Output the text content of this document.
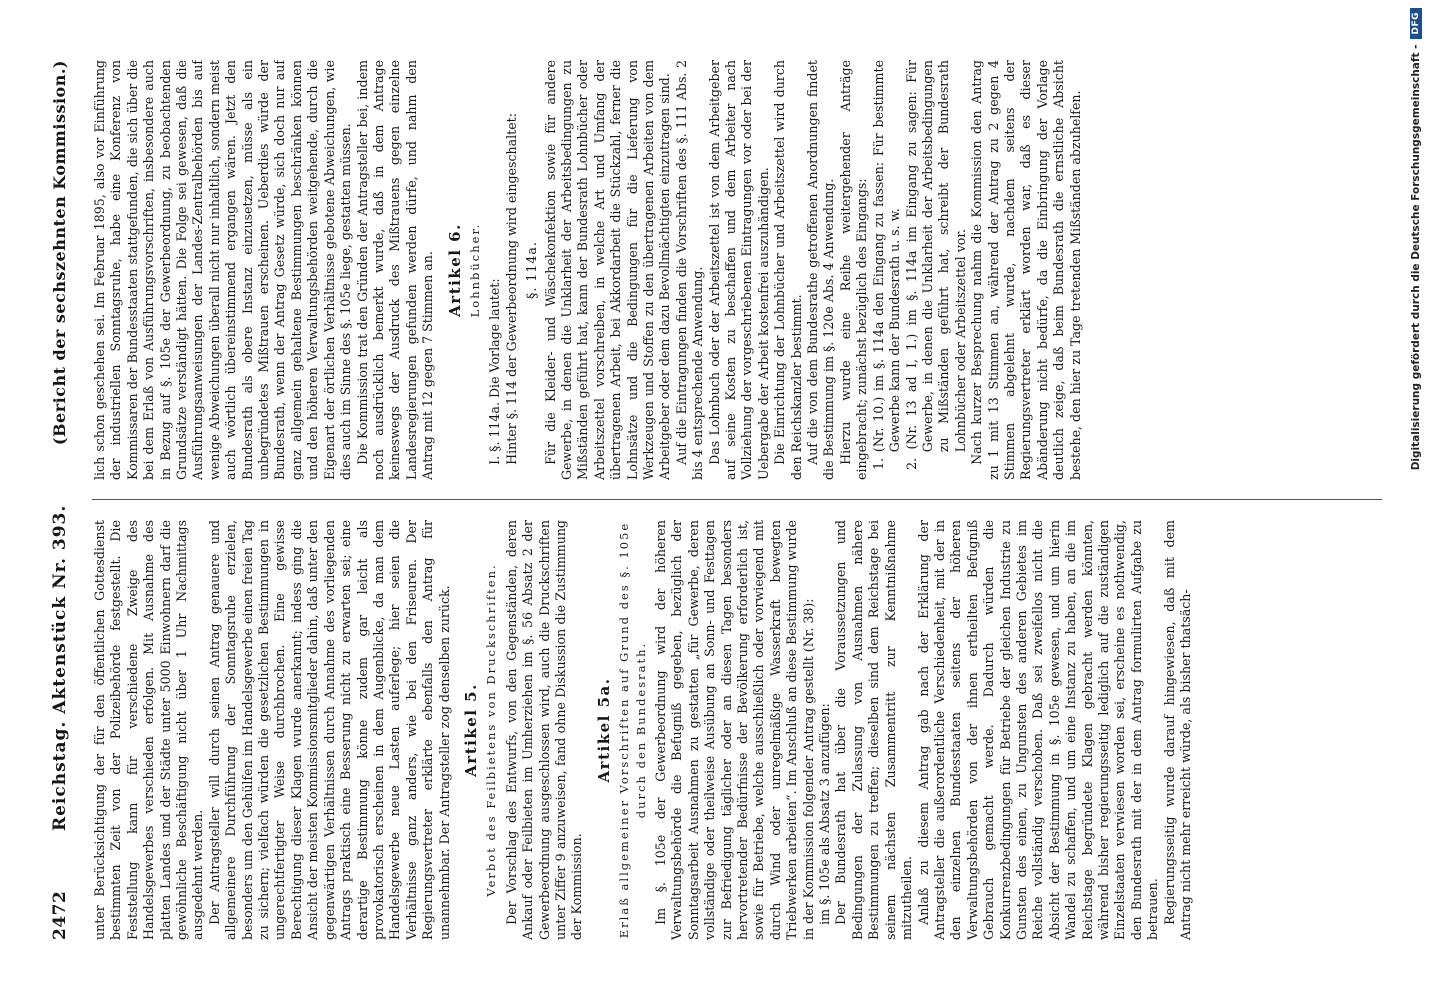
2472
Reichstag. Aktenstück Nr. 393.
(Bericht der sechszehnten Kommission.)

unter Berücksichtigung der für den öffentlichen Gottesdienst bestimmten Zeit von der Polizeibehörde festgestellt. Die Feststellung kann für verschiedene Zweige des Handelsgewerbes verschieden erfolgen. Mit Ausnahme des platten Landes und der Städte unter 5000 Einwohnern darf die gewöhnliche Beschäftigung nicht über 1 Uhr Nachmittags ausgedehnt werden. Der Antragsteller will durch seinen Antrag genauere und allgemeinere Durchführung der Sonntagsruhe erzielen, besonders um den Gehülfen im Handelsgewerbe einen freien Tag zu sichern; vielfach würden die gesetzlichen Bestimmungen in ungerechtfertigter Weise durchbrochen. Eine gewisse Berechtigung dieser Klagen wurde anerkannt; indess ging die Ansicht der meisten Kommissionsmitglieder dahin, daß unter den gegenwärtigen Verhältnissen durch Annahme des vorliegenden Antrags praktisch eine Besserung nicht zu erwarten sei; eine derartige Bestimmung könne zudem gar leicht als provokatorisch erscheinen in dem Augenblicke, da man dem Handelsgewerbe neue Lasten auferlege; hier seien die Verhältnisse ganz anders, wie bei den Friseuren. Der Regierungsvertreter erklärte ebenfalls den Antrag für unannehmbar. Der Antragsteller zog denselben zurück. Artikel 5. Verbot des Feilbietens von Druckschriften. Der Vorschlag des Entwurfs, von den Gegenständen, deren Ankauf oder Feilbieten im Umherziehen im §. 56 Absatz 2 der Gewerbeordnung ausgeschlossen wird, auch die Druckschriften unter Ziffer 9 anzuweisen, fand ohne Diskussion die Zustimmung der Kommission.

Artikel 5a. Erlaß allgemeiner Vorschriften auf Grund des §. 105e durch den Bundesrath. Im §. 105e der Gewerbeordnung wird der höheren Verwaltungsbehörde die Befugniß gegeben, bezüglich der Sonntagsarbeit Ausnahmen zu gestatten „für Gewerbe, deren vollständige oder theilweise Ausübung an Sonn- und Festtagen zur Befriedigung täglicher oder an diesen Tagen besonders hervortretender Bedürfnisse der Bevölkerung erforderlich ist, sowie für Betriebe, welche ausschließlich oder vorwiegend mit durch Wind oder unregelmäßige Wasserkraft bewegten Triebwerken arbeiten“. Im Anschluß an diese Bestimmung wurde in der Kommission folgender Antrag gestellt (Nr. 38): im §. 105e als Absatz 3 anzufügen: Der Bundesrath hat über die Voraussetzungen und Bedingungen der Zulassung von Ausnahmen nähere Bestimmungen zu treffen; dieselben sind dem Reichstage bei seinem nächsten Zusammentritt zur Kenntnißnahme mitzutheilen. Anlaß zu diesem Antrag gab nach der Erklärung der Antragsteller die außerordentliche Verschiedenheit, mit der in den einzelnen Bundesstaaten seitens der höheren Verwaltungsbehörden von der ihnen ertheilten Befugniß Gebrauch gemacht werde. Dadurch würden die Konkurrenzbedingungen für Betriebe der gleichen Industrie zu Gunsten des einen, zu Ungunsten des anderen Gebietes im Reiche vollständig verschoben. Daß sei zweifellos nicht die Absicht der Bestimmung in §. 105e gewesen, und um hierin Wandel zu schaffen, und um eine Instanz zu haben, an die im Reichstage begründete Klagen gebracht werden könnten, während bisher regierungsseitig lediglich auf die zuständigen Einzelstaaten verwiesen worden sei, erscheine es nothwendig, den Bundesrath mit der in dem Antrag formulirten Aufgabe zu betrauen. Regierungsseitig wurde darauf hingewiesen, daß mit dem Antrag nicht mehr erreicht würde, als bisher thatsäch-

lich schon geschehen sei. Im Februar 1895, also vor Einführung der industriellen Sonntagsruhe, habe eine Konferenz von Kommissaren der Bundesstaaten stattgefunden, die sich über die bei dem Erlaß von Ausführungsvorschriften, insbesondere auch in Bezug auf §. 105e der Gewerbeordnung, zu beobachtenden Grundsätze verständigt hätten. Die Folge sei gewesen, daß die Ausführungsanweisungen der Landes-Zentralbehörden bis auf wenige Abweichungen überall nicht nur inhaltlich, sondern meist auch wörtlich übereinstimmend ergangen wären. Jetzt den Bundesrath als obere Instanz einzusetzen, müsse als ein unbegründetes Mißtrauen erscheinen. Ueberdies würde der Bundesrath, wenn der Antrag Gesetz würde, sich doch nur auf ganz allgemein gehaltene Bestimmungen beschränken können und den höheren Verwaltungsbehörden weitgehende, durch die Eigenart der örtlichen Verhältnisse gebotene Abweichungen, wie dies auch im Sinne des §. 105e liege, gestatten müssen. Die Kommission trat den Gründen der Antragsteller bei, indem noch ausdrücklich bemerkt wurde, daß in dem Antrage keineswegs der Ausdruck des Mißtrauens gegen einzelne Landesregierungen gefunden werden dürfe, und nahm den Antrag mit 12 gegen 7 Stimmen an. Artikel 6. Lohnbücher.

I. §. 114a. Die Vorlage lautet: Hinter §. 114 der Gewerbeordnung wird eingeschaltet: §. 114a. Für die Kleider- und Wäschekonfektion sowie für andere Gewerbe, in denen die Unklarheit der Arbeitsbedingungen zu Mißständen geführt hat, kann der Bundesrath Lohnbücher oder Arbeitszettel vorschreiben, in welche Art und Umfang der übertragenen Arbeit, bei Akkordarbeit die Stückzahl, ferner die Lohnsätze und die Bedingungen für die Lieferung von Werkzeugen und Stoffen zu den übertragenen Arbeiten von dem Arbeitgeber oder dem dazu Bevollmächtigten einzutragen sind. Auf die Eintragungen finden die Vorschriften des §. 111 Abs. 2 bis 4 entsprechende Anwendung. Das Lohnbuch oder der Arbeitszettel ist von dem Arbeitgeber auf seine Kosten zu beschaffen und dem Arbeiter nach Vollziehung der vorgeschriebenen Eintragungen vor oder bei der Uebergabe der Arbeit kostenfrei auszuhändigen. Die Einrichtung der Lohnbücher und Arbeitszettel wird durch den Reichskanzler bestimmt. Auf die von dem Bundesrathe getroffenen Anordnungen findet die Bestimmung im §. 120e Abs. 4 Anwendung. Hierzu wurde eine Reihe weitergehender Anträge eingebracht; zunächst bezüglich des Eingangs: 1. (Nr. 10.) im §. 114a den Eingang zu fassen: Für bestimmte Gewerbe kann der Bundesrath u. s. w. 2. (Nr. 13 ad I, 1.) im §. 114a im Eingang zu sagen: Für Gewerbe, in denen die Unklarheit der Arbeitsbedingungen zu Mißständen geführt hat, schreibt der Bundesrath Lohnbücher oder Arbeitszettel vor. Nach kurzer Besprechung nahm die Kommission den Antrag zu 1 mit 13 Stimmen an, während der Antrag zu 2 gegen 4 Stimmen abgelehnt wurde, nachdem seitens der Regierungsvertreter erklärt worden war, daß es dieser Abänderung nicht bedürfe, da die Einbringung der Vorlage deutlich zeige, daß beim Bundesrath die ernstliche Absicht bestehe, den hier zu Tage tretenden Mißständen abzuhelfen.	Digitalisierung gefördert durch die Deutsche Forschungsgemeinschaft -
DFG
